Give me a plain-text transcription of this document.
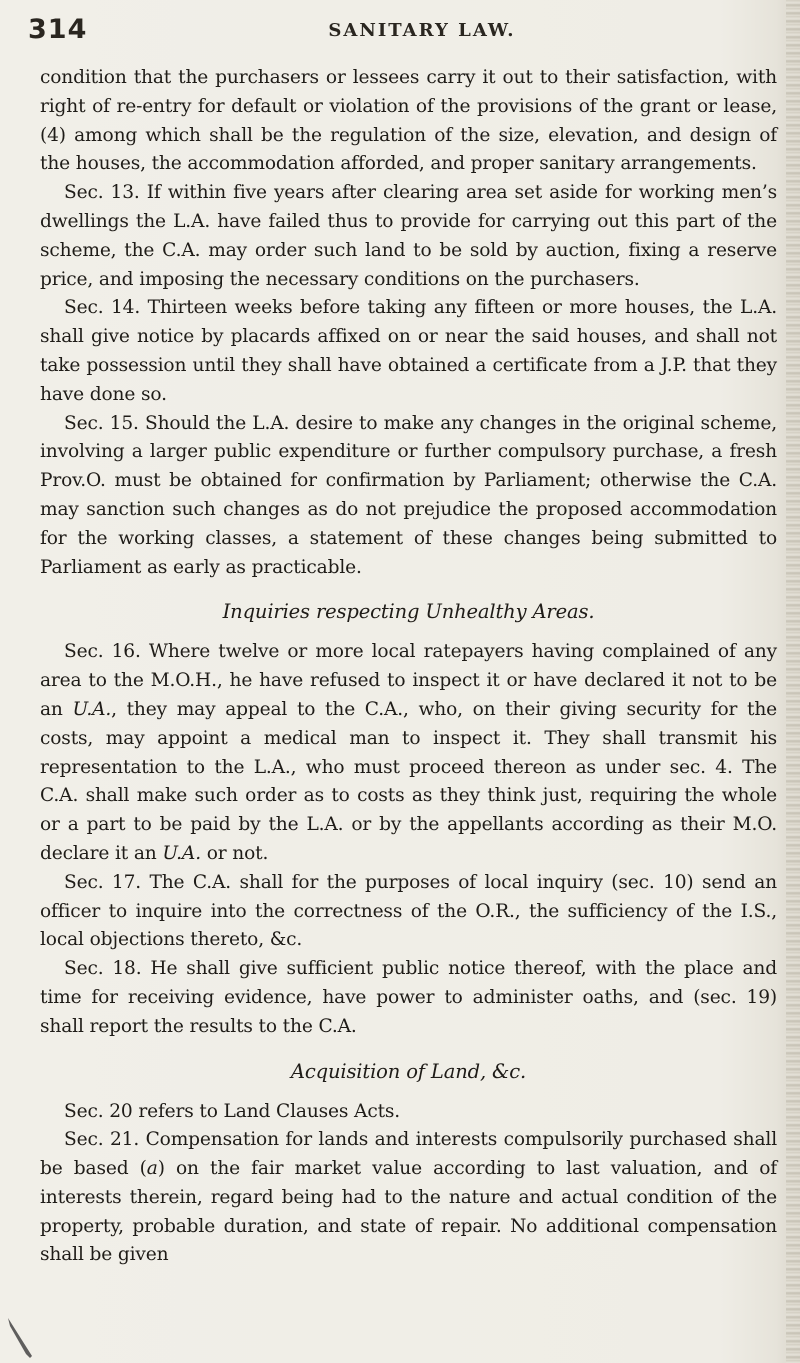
314	SANITARY LAW.

condition that the purchasers or lessees carry it out to their satisfaction, with right of re-entry for default or violation of the provisions of the grant or lease, (4) among which shall be the regulation of the size, elevation, and design of the houses, the accommodation afforded, and proper sanitary arrangements.

Sec. 13. If within five years after clearing area set aside for working men’s dwellings the L.A. have failed thus to provide for carrying out this part of the scheme, the C.A. may order such land to be sold by auction, fixing a reserve price, and imposing the necessary conditions on the purchasers.

Sec. 14. Thirteen weeks before taking any fifteen or more houses, the L.A. shall give notice by placards affixed on or near the said houses, and shall not take possession until they shall have obtained a certificate from a J.P. that they have done so.

Sec. 15. Should the L.A. desire to make any changes in the original scheme, involving a larger public expenditure or further compulsory purchase, a fresh Prov.O. must be obtained for confirmation by Parliament; otherwise the C.A. may sanction such changes as do not prejudice the proposed accommodation for the working classes, a statement of these changes being submitted to Parliament as early as practicable.

Inquiries respecting Unhealthy Areas.

Sec. 16. Where twelve or more local ratepayers having complained of any area to the M.O.H., he have refused to inspect it or have declared it not to be an U.A., they may appeal to the C.A., who, on their giving security for the costs, may appoint a medical man to inspect it. They shall transmit his representation to the L.A., who must proceed thereon as under sec. 4. The C.A. shall make such order as to costs as they think just, requiring the whole or a part to be paid by the L.A. or by the appellants according as their M.O. declare it an U.A. or not.

Sec. 17. The C.A. shall for the purposes of local inquiry (sec. 10) send an officer to inquire into the correctness of the O.R., the sufficiency of the I.S., local objections thereto, &c.

Sec. 18. He shall give sufficient public notice thereof, with the place and time for receiving evidence, have power to administer oaths, and (sec. 19) shall report the results to the C.A.

Acquisition of Land, &c.

Sec. 20 refers to Land Clauses Acts.

Sec. 21. Compensation for lands and interests compulsorily purchased shall be based (a) on the fair market value according to last valuation, and of interests therein, regard being had to the nature and actual condition of the property, probable duration, and state of repair. No additional compensation shall be given
